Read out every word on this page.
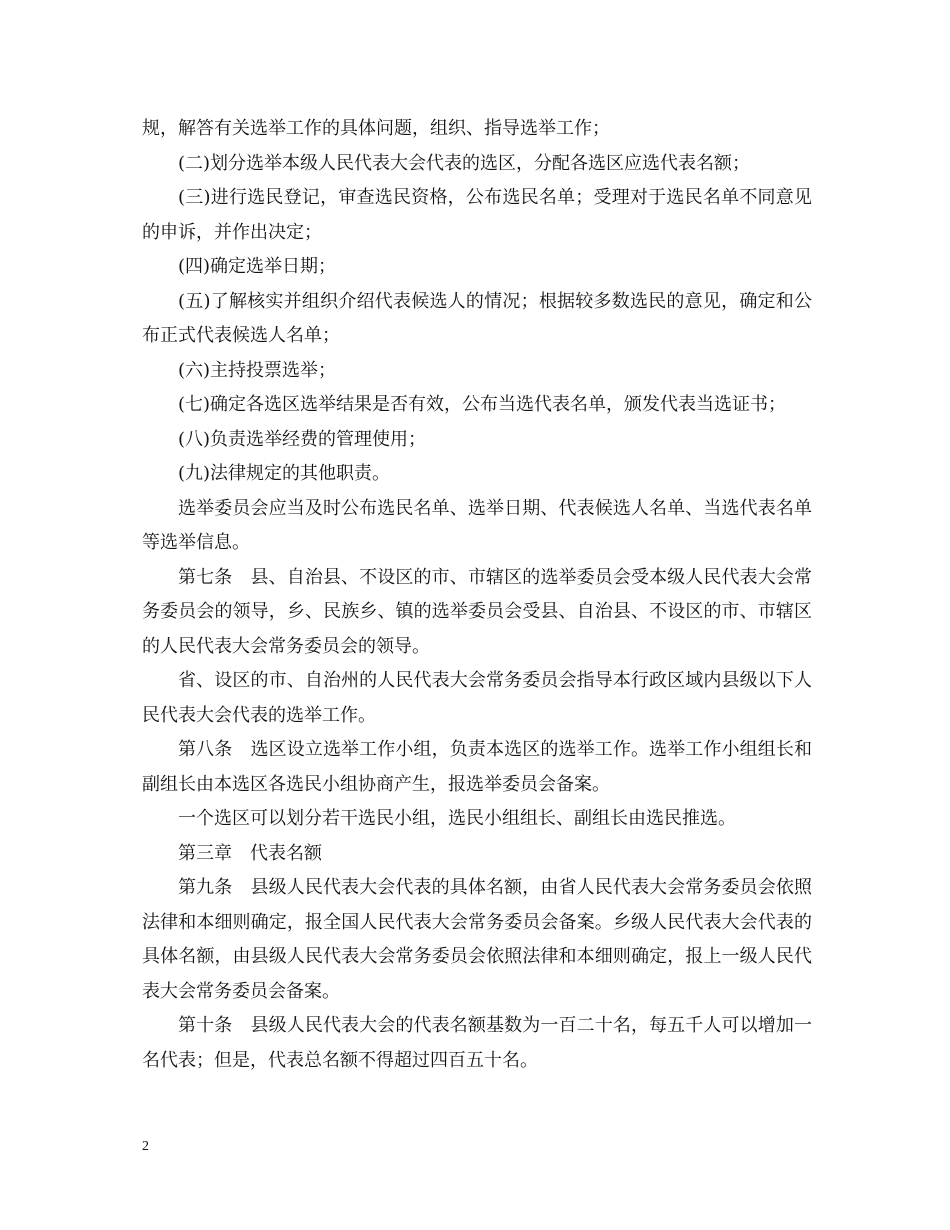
规，解答有关选举工作的具体问题，组织、指导选举工作；

(二)划分选举本级人民代表大会代表的选区，分配各选区应选代表名额；

(三)进行选民登记，审查选民资格，公布选民名单；受理对于选民名单不同意见的申诉，并作出决定；

(四)确定选举日期；

(五)了解核实并组织介绍代表候选人的情况；根据较多数选民的意见，确定和公布正式代表候选人名单；

(六)主持投票选举；

(七)确定各选区选举结果是否有效，公布当选代表名单，颁发代表当选证书；

(八)负责选举经费的管理使用；

(九)法律规定的其他职责。

选举委员会应当及时公布选民名单、选举日期、代表候选人名单、当选代表名单等选举信息。

第七条　县、自治县、不设区的市、市辖区的选举委员会受本级人民代表大会常务委员会的领导，乡、民族乡、镇的选举委员会受县、自治县、不设区的市、市辖区的人民代表大会常务委员会的领导。

省、设区的市、自治州的人民代表大会常务委员会指导本行政区域内县级以下人民代表大会代表的选举工作。

第八条　选区设立选举工作小组，负责本选区的选举工作。选举工作小组组长和副组长由本选区各选民小组协商产生，报选举委员会备案。

一个选区可以划分若干选民小组，选民小组组长、副组长由选民推选。

第三章　代表名额

第九条　县级人民代表大会代表的具体名额，由省人民代表大会常务委员会依照法律和本细则确定，报全国人民代表大会常务委员会备案。乡级人民代表大会代表的具体名额，由县级人民代表大会常务委员会依照法律和本细则确定，报上一级人民代表大会常务委员会备案。

第十条　县级人民代表大会的代表名额基数为一百二十名，每五千人可以增加一名代表；但是，代表总名额不得超过四百五十名。

2
